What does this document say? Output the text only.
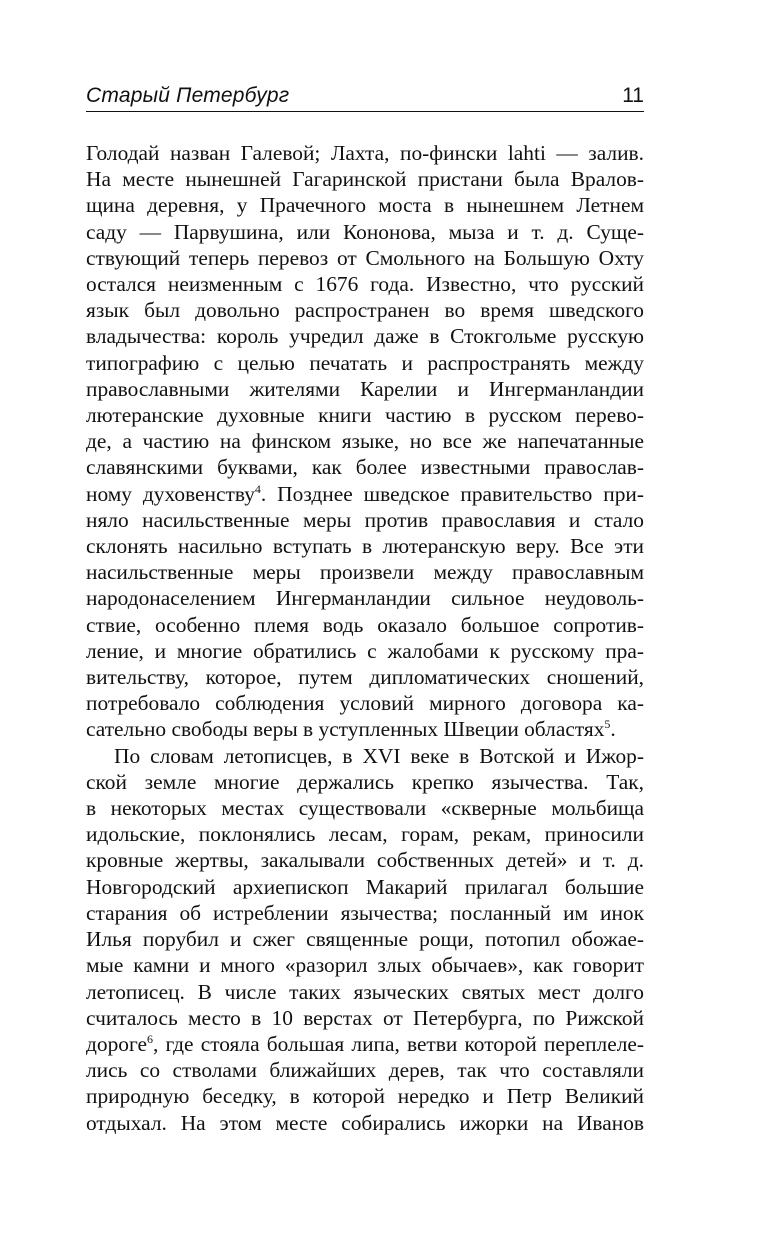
Старый Петербург	11

Голодай назван Галевой; Лахта, по-фински lahti — залив.
На месте нынешней Гагаринской пристани была Вралов-
щина деревня, у Прачечного моста в нынешнем Летнем
саду — Парвушина, или Кононова, мыза и т. д. Суще-
ствующий теперь перевоз от Смольного на Большую Охту
остался неизменным с 1676 года. Известно, что русский
язык был довольно распространен во время шведского
владычества: король учредил даже в Стокгольме русскую
типографию с целью печатать и распространять между
православными жителями Карелии и Ингерманландии
лютеранские духовные книги частию в русском перево-
де, а частию на финском языке, но все же напечатанные
славянскими буквами, как более известными православ-
ному духовенству$^4$. Позднее шведское правительство при-
няло насильственные меры против православия и стало
склонять насильно вступать в лютеранскую веру. Все эти
насильственные меры произвели между православным
народонаселением Ингерманландии сильное неудоволь-
ствие, особенно племя водь оказало большое сопротив-
ление, и многие обратились с жалобами к русскому пра-
вительству, которое, путем дипломатических сношений,
потребовало соблюдения условий мирного договора ка-
сательно свободы веры в уступленных Швеции областях$^5$.

По словам летописцев, в XVI веке в Вотской и Ижор-
ской земле многие держались крепко язычества. Так,
в некоторых местах существовали «скверные мольбища
идольские, поклонялись лесам, горам, рекам, приносили
кровные жертвы, закалывали собственных детей» и т. д.
Новгородский архиепископ Макарий прилагал большие
старания об истреблении язычества; посланный им инок
Илья порубил и сжег священные рощи, потопил обожае-
мые камни и много «разорил злых обычаев», как говорит
летописец. В числе таких языческих святых мест долго
считалось место в 10 верстах от Петербурга, по Рижской
дороге$^6$, где стояла большая липа, ветви которой переплеле-
лись со стволами ближайших дерев, так что составляли
природную беседку, в которой нередко и Петр Великий
отдыхал. На этом месте собирались ижорки на Иванов
